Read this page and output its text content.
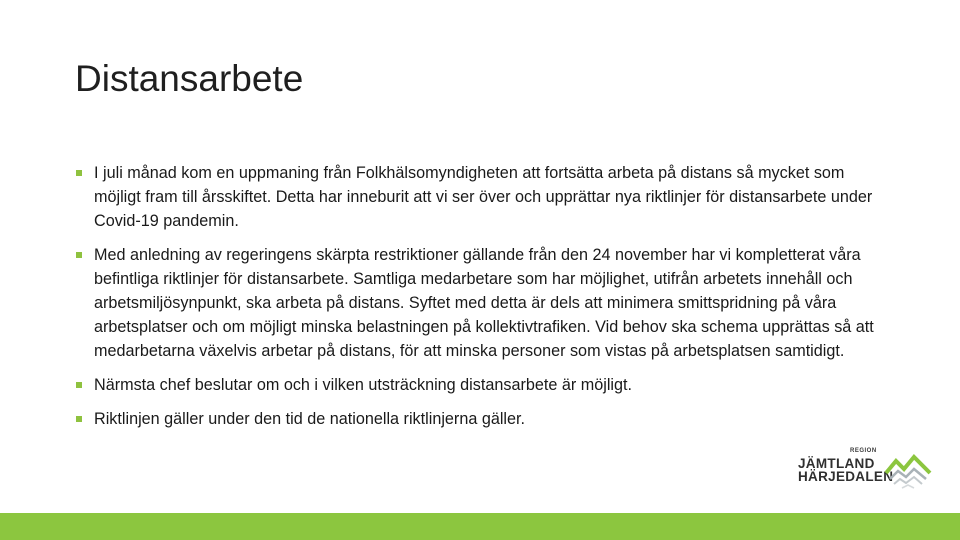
Distansarbete
I juli månad kom en uppmaning från Folkhälsomyndigheten att fortsätta arbeta på distans så mycket som möjligt fram till årsskiftet. Detta har inneburit att vi ser över och upprättar nya riktlinjer för distansarbete under Covid-19 pandemin.
Med anledning av regeringens skärpta restriktioner gällande från den 24 november har vi kompletterat våra befintliga riktlinjer för distansarbete. Samtliga medarbetare som har möjlighet, utifrån arbetets innehåll och arbetsmiljösynpunkt, ska arbeta på distans. Syftet med detta är dels att minimera smittspridning på våra arbetsplatser och om möjligt minska belastningen på kollektivtrafiken. Vid behov ska schema upprättas så att medarbetarna växelvis arbetar på distans, för att minska personer som vistas på arbetsplatsen samtidigt.
Närmsta chef beslutar om och i vilken utsträckning distansarbete är möjligt.
Riktlinjen gäller under den tid de nationella riktlinjerna gäller.
REGION
JÄMTLAND
HÄRJEDALEN
